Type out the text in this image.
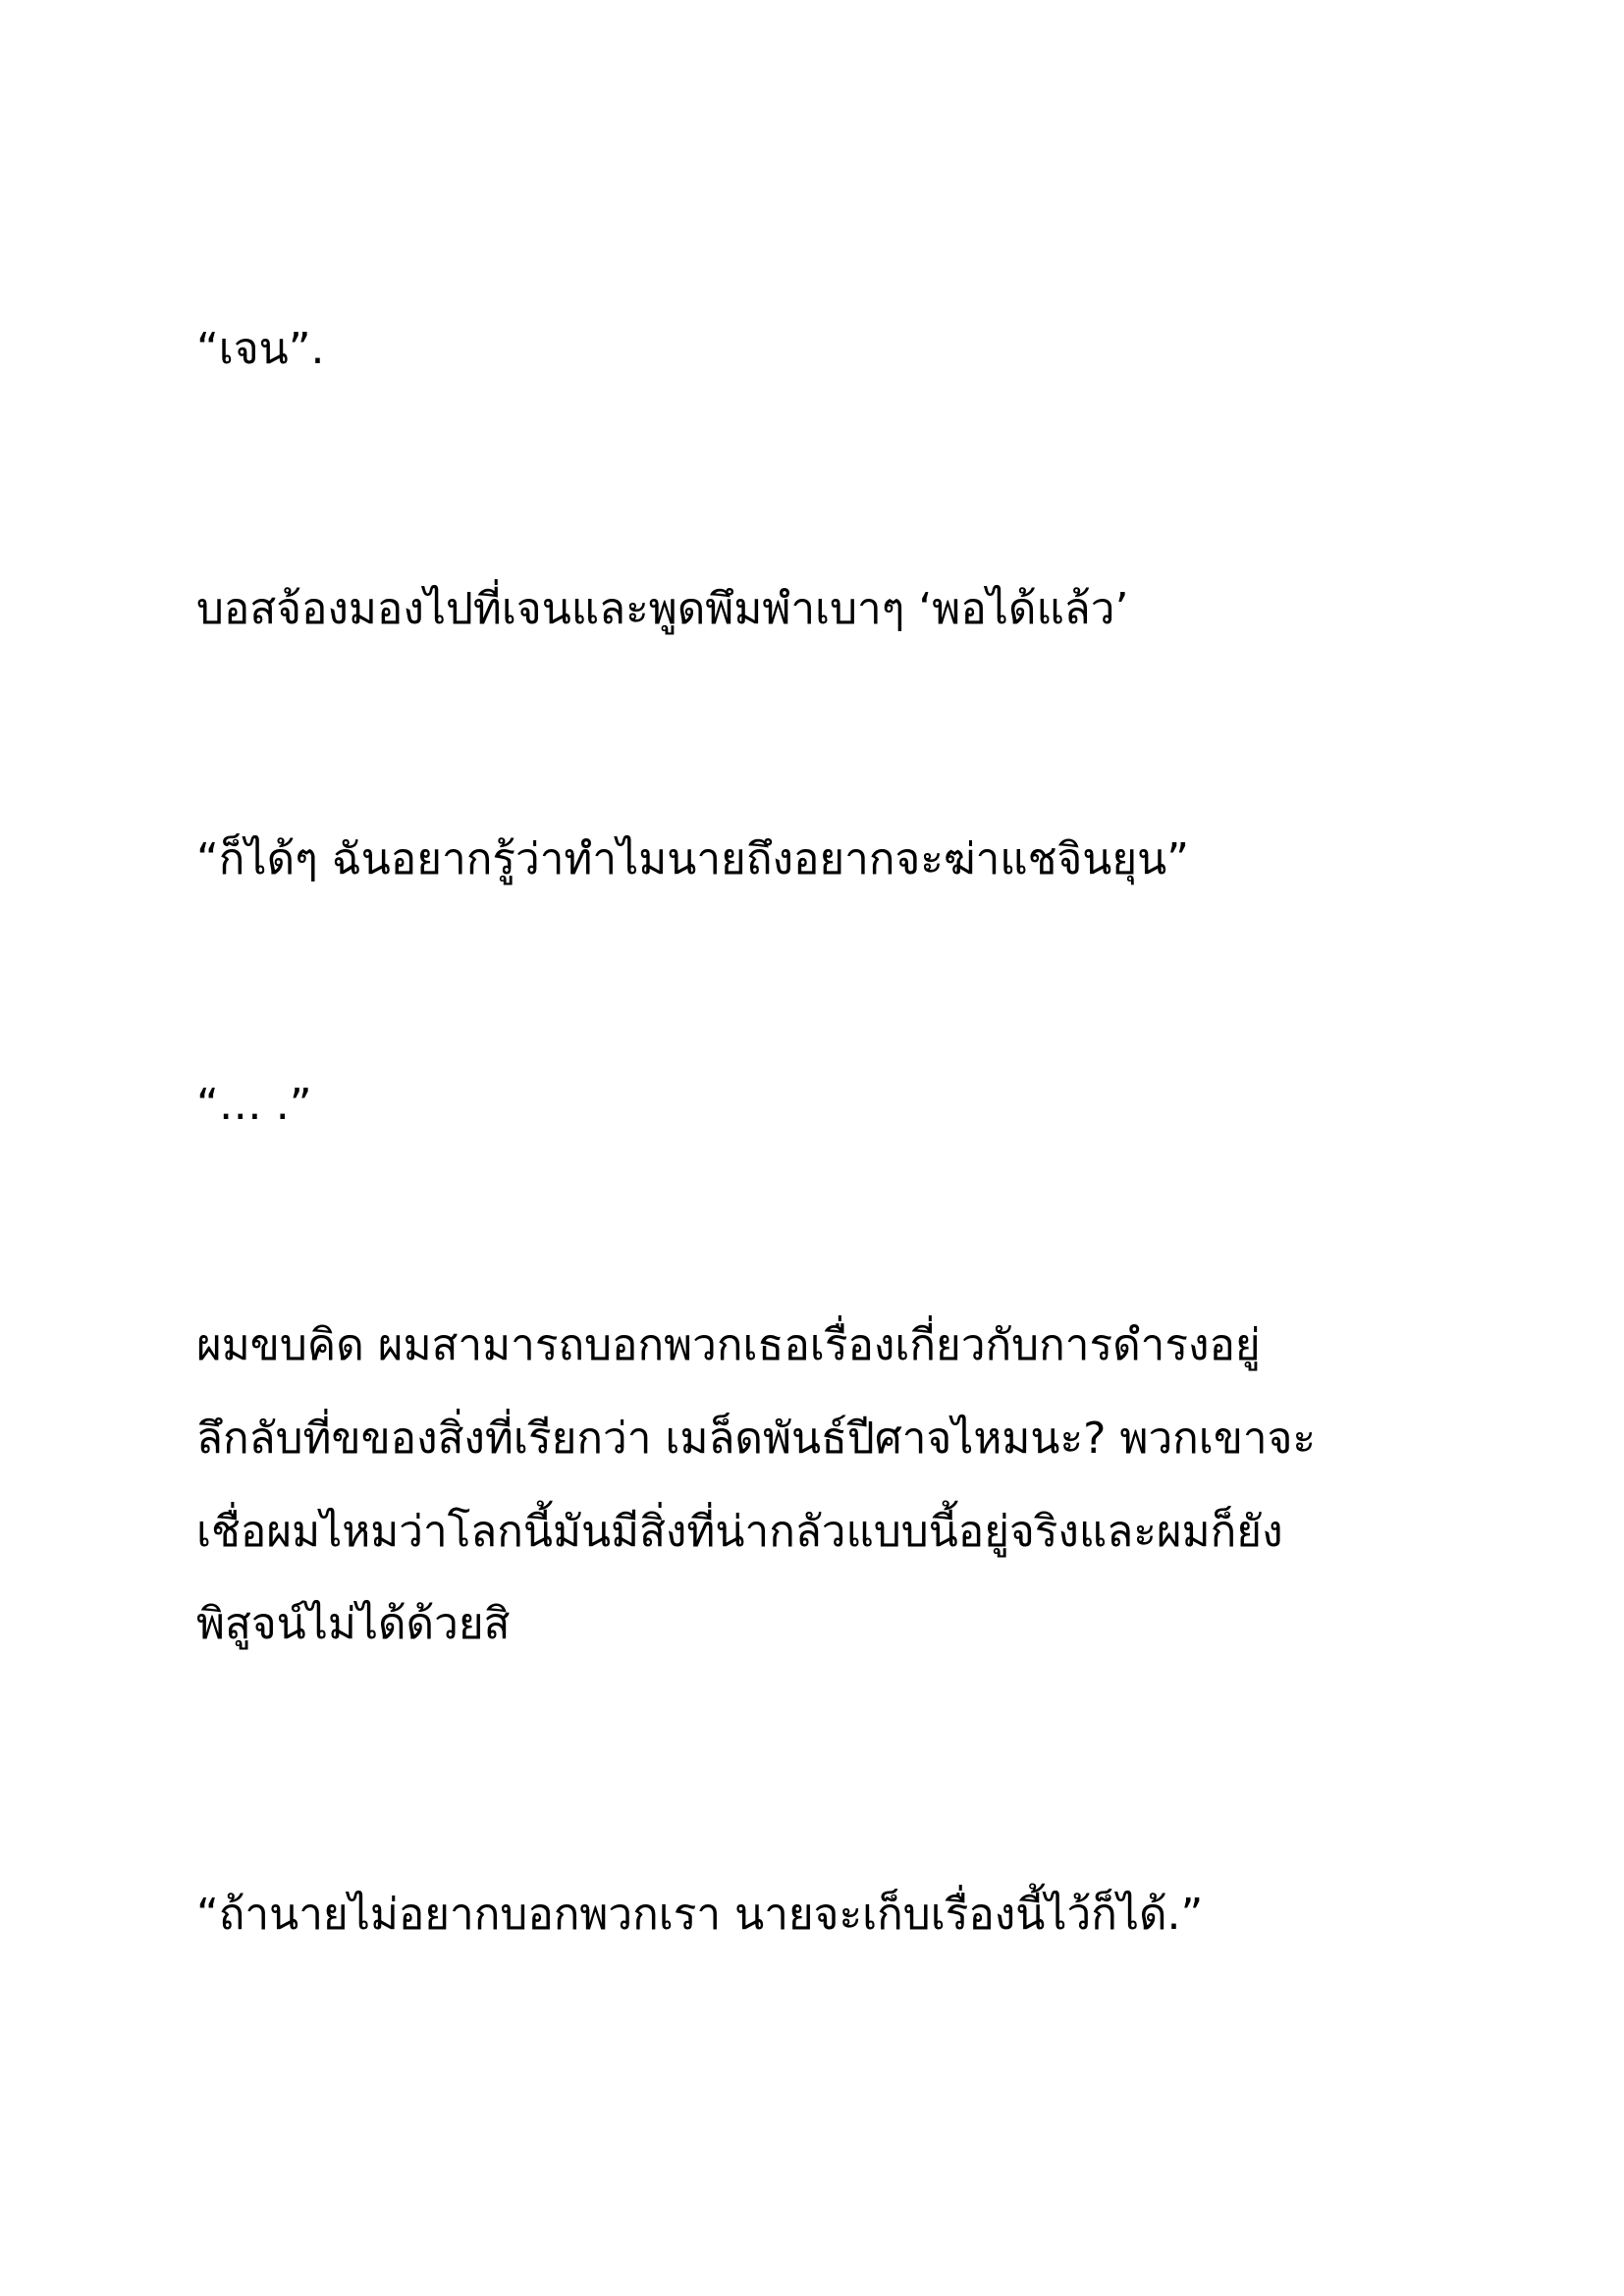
“เจน”.

บอสจ้องมองไปที่เจนและพูดพึมพำเบาๆ ‘พอได้แล้ว’

“ก็ได้ๆ ฉันอยากรู้ว่าทำไมนายถึงอยากจะฆ่าแชจินยุน”

“… .”

ผมขบคิด ผมสามารถบอกพวกเธอเรื่องเกี่ยวกับการดำรงอยู่
ลึกลับที่ขของสิ่งที่เรียกว่า เมล็ดพันธ์ปีศาจไหมนะ? พวกเขาจะ
เชื่อผมไหมว่าโลกนี้มันมีสิ่งที่น่ากลัวแบบนี้อยู่จริงและผมก็ยัง
พิสูจน์ไม่ได้ด้วยสิ

“ถ้านายไม่อยากบอกพวกเรา นายจะเก็บเรื่องนี้ไว้ก็ได้.”
